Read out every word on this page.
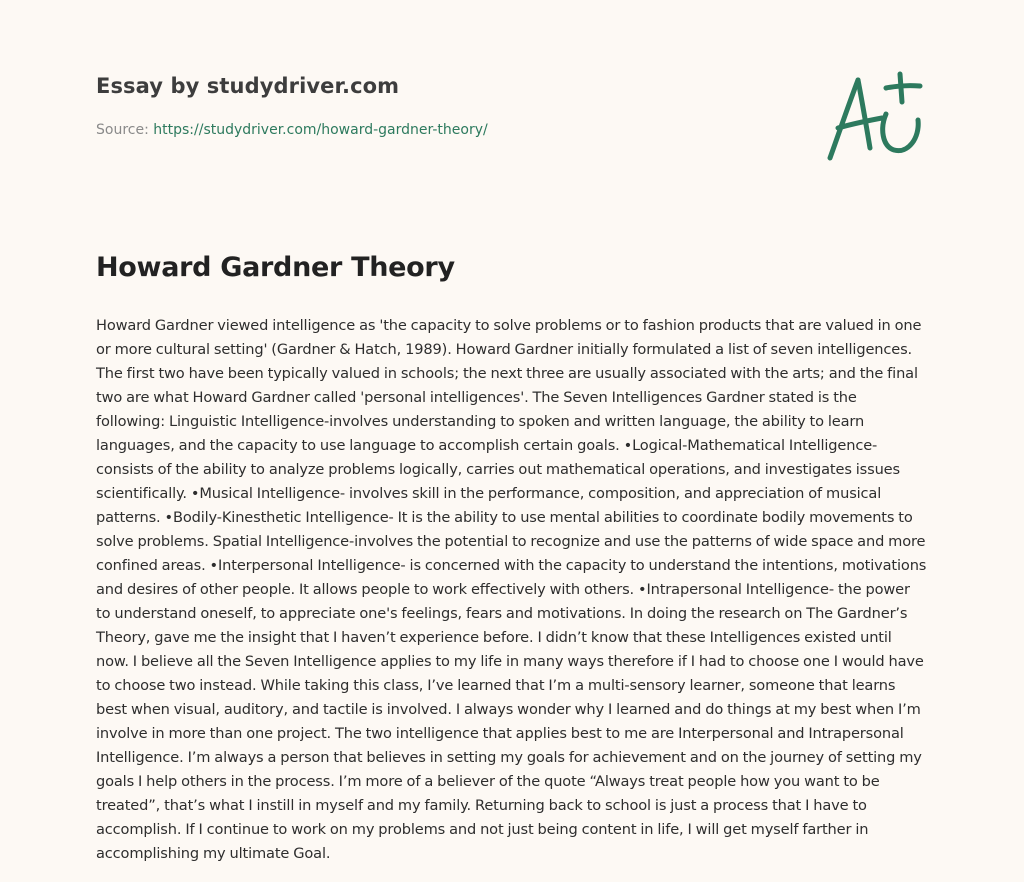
Essay by studydriver.com
Source: https://studydriver.com/howard-gardner-theory/
Howard Gardner Theory

Howard Gardner viewed intelligence as 'the capacity to solve problems or to fashion products that are valued in one or more cultural setting' (Gardner & Hatch, 1989). Howard Gardner initially formulated a list of seven intelligences. The first two have been typically valued in schools; the next three are usually associated with the arts; and the final two are what Howard Gardner called 'personal intelligences'. The Seven Intelligences Gardner stated is the following: Linguistic Intelligence-involves understanding to spoken and written language, the ability to learn languages, and the capacity to use language to accomplish certain goals. •Logical-Mathematical Intelligence-consists of the ability to analyze problems logically, carries out mathematical operations, and investigates issues scientifically. •Musical Intelligence- involves skill in the performance, composition, and appreciation of musical patterns. •Bodily-Kinesthetic Intelligence- It is the ability to use mental abilities to coordinate bodily movements to solve problems. Spatial Intelligence-involves the potential to recognize and use the patterns of wide space and more confined areas. •Interpersonal Intelligence- is concerned with the capacity to understand the intentions, motivations and desires of other people. It allows people to work effectively with others. •Intrapersonal Intelligence- the power to understand oneself, to appreciate one's feelings, fears and motivations. In doing the research on The Gardner’s Theory, gave me the insight that I haven’t experience before. I didn’t know that these Intelligences existed until now. I believe all the Seven Intelligence applies to my life in many ways therefore if I had to choose one I would have to choose two instead. While taking this class, I’ve learned that I’m a multi-sensory learner, someone that learns best when visual, auditory, and tactile is involved. I always wonder why I learned and do things at my best when I’m involve in more than one project. The two intelligence that applies best to me are Interpersonal and Intrapersonal Intelligence. I’m always a person that believes in setting my goals for achievement and on the journey of setting my goals I help others in the process. I’m more of a believer of the quote “Always treat people how you want to be treated”, that’s what I instill in myself and my family. Returning back to school is just a process that I have to accomplish. If I continue to work on my problems and not just being content in life, I will get myself farther in accomplishing my ultimate Goal.
